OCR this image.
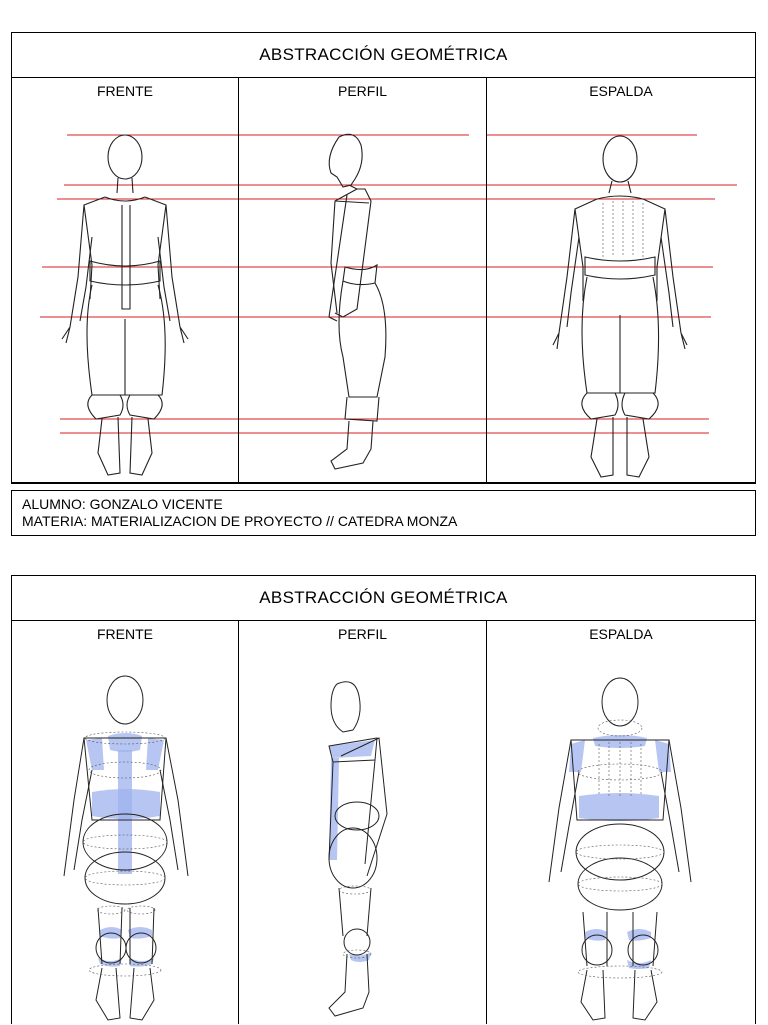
ABSTRACCIÓN GEOMÉTRICA
FRENTE	PERFIL	ESPALDA
ALUMNO: GONZALO VICENTE
MATERIA: MATERIALIZACION DE PROYECTO // CATEDRA MONZA
ABSTRACCIÓN GEOMÉTRICA
FRENTE	PERFIL	ESPALDA
